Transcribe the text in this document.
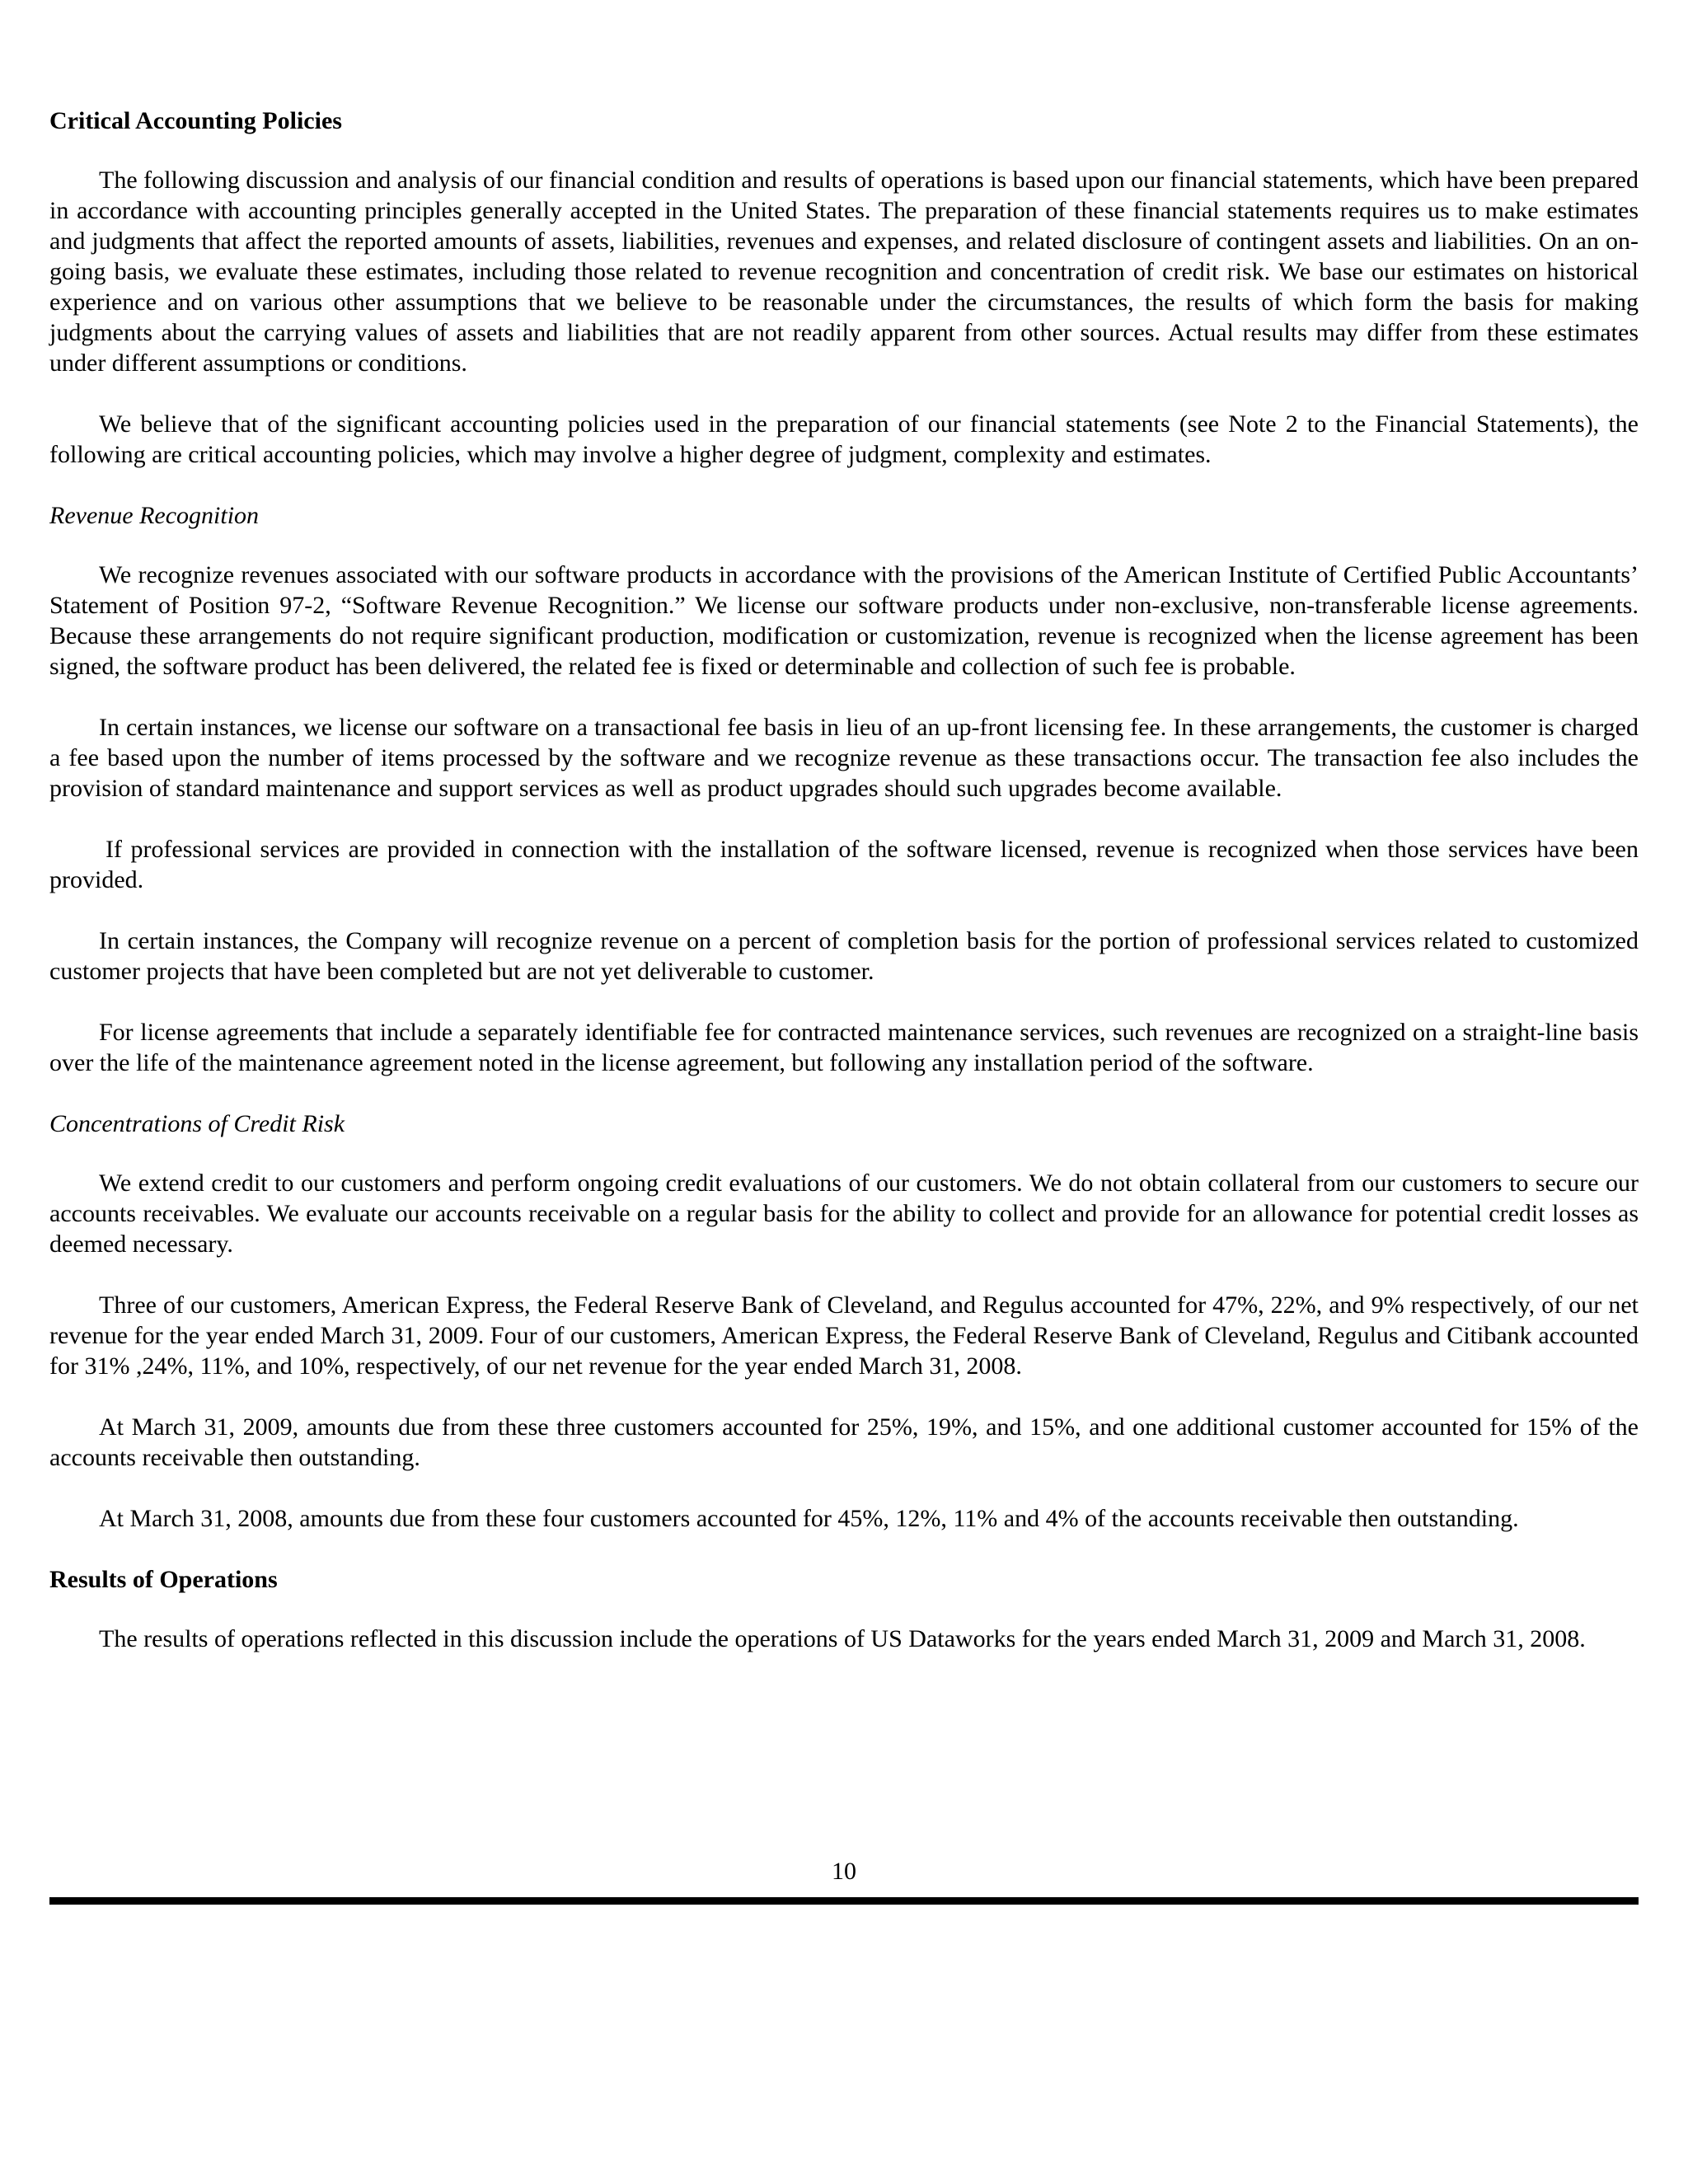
Critical Accounting Policies

The following discussion and analysis of our financial condition and results of operations is based upon our financial statements, which have been prepared in accordance with accounting principles generally accepted in the United States. The preparation of these financial statements requires us to make estimates and judgments that affect the reported amounts of assets, liabilities, revenues and expenses, and related disclosure of contingent assets and liabilities. On an on-going basis, we evaluate these estimates, including those related to revenue recognition and concentration of credit risk. We base our estimates on historical experience and on various other assumptions that we believe to be reasonable under the circumstances, the results of which form the basis for making judgments about the carrying values of assets and liabilities that are not readily apparent from other sources. Actual results may differ from these estimates under different assumptions or conditions.

We believe that of the significant accounting policies used in the preparation of our financial statements (see Note 2 to the Financial Statements), the following are critical accounting policies, which may involve a higher degree of judgment, complexity and estimates.

Revenue Recognition

We recognize revenues associated with our software products in accordance with the provisions of the American Institute of Certified Public Accountants’ Statement of Position 97-2, “Software Revenue Recognition.” We license our software products under non-exclusive, non-transferable license agreements. Because these arrangements do not require significant production, modification or customization, revenue is recognized when the license agreement has been signed, the software product has been delivered, the related fee is fixed or determinable and collection of such fee is probable.

In certain instances, we license our software on a transactional fee basis in lieu of an up-front licensing fee. In these arrangements, the customer is charged a fee based upon the number of items processed by the software and we recognize revenue as these transactions occur. The transaction fee also includes the provision of standard maintenance and support services as well as product upgrades should such upgrades become available.

If professional services are provided in connection with the installation of the software licensed, revenue is recognized when those services have been provided.

In certain instances, the Company will recognize revenue on a percent of completion basis for the portion of professional services related to customized customer projects that have been completed but are not yet deliverable to customer.

For license agreements that include a separately identifiable fee for contracted maintenance services, such revenues are recognized on a straight-line basis over the life of the maintenance agreement noted in the license agreement, but following any installation period of the software.

Concentrations of Credit Risk

We extend credit to our customers and perform ongoing credit evaluations of our customers. We do not obtain collateral from our customers to secure our accounts receivables. We evaluate our accounts receivable on a regular basis for the ability to collect and provide for an allowance for potential credit losses as deemed necessary.

Three of our customers, American Express, the Federal Reserve Bank of Cleveland, and Regulus accounted for 47%, 22%, and 9% respectively, of our net revenue for the year ended March 31, 2009. Four of our customers, American Express, the Federal Reserve Bank of Cleveland, Regulus and Citibank accounted for 31% ,24%, 11%, and 10%, respectively, of our net revenue for the year ended March 31, 2008.

At March 31, 2009, amounts due from these three customers accounted for 25%, 19%, and 15%, and one additional customer accounted for 15% of the accounts receivable then outstanding.

At March 31, 2008, amounts due from these four customers accounted for 45%, 12%, 11% and 4% of the accounts receivable then outstanding.

Results of Operations

The results of operations reflected in this discussion include the operations of US Dataworks for the years ended March 31, 2009 and March 31, 2008.

10
